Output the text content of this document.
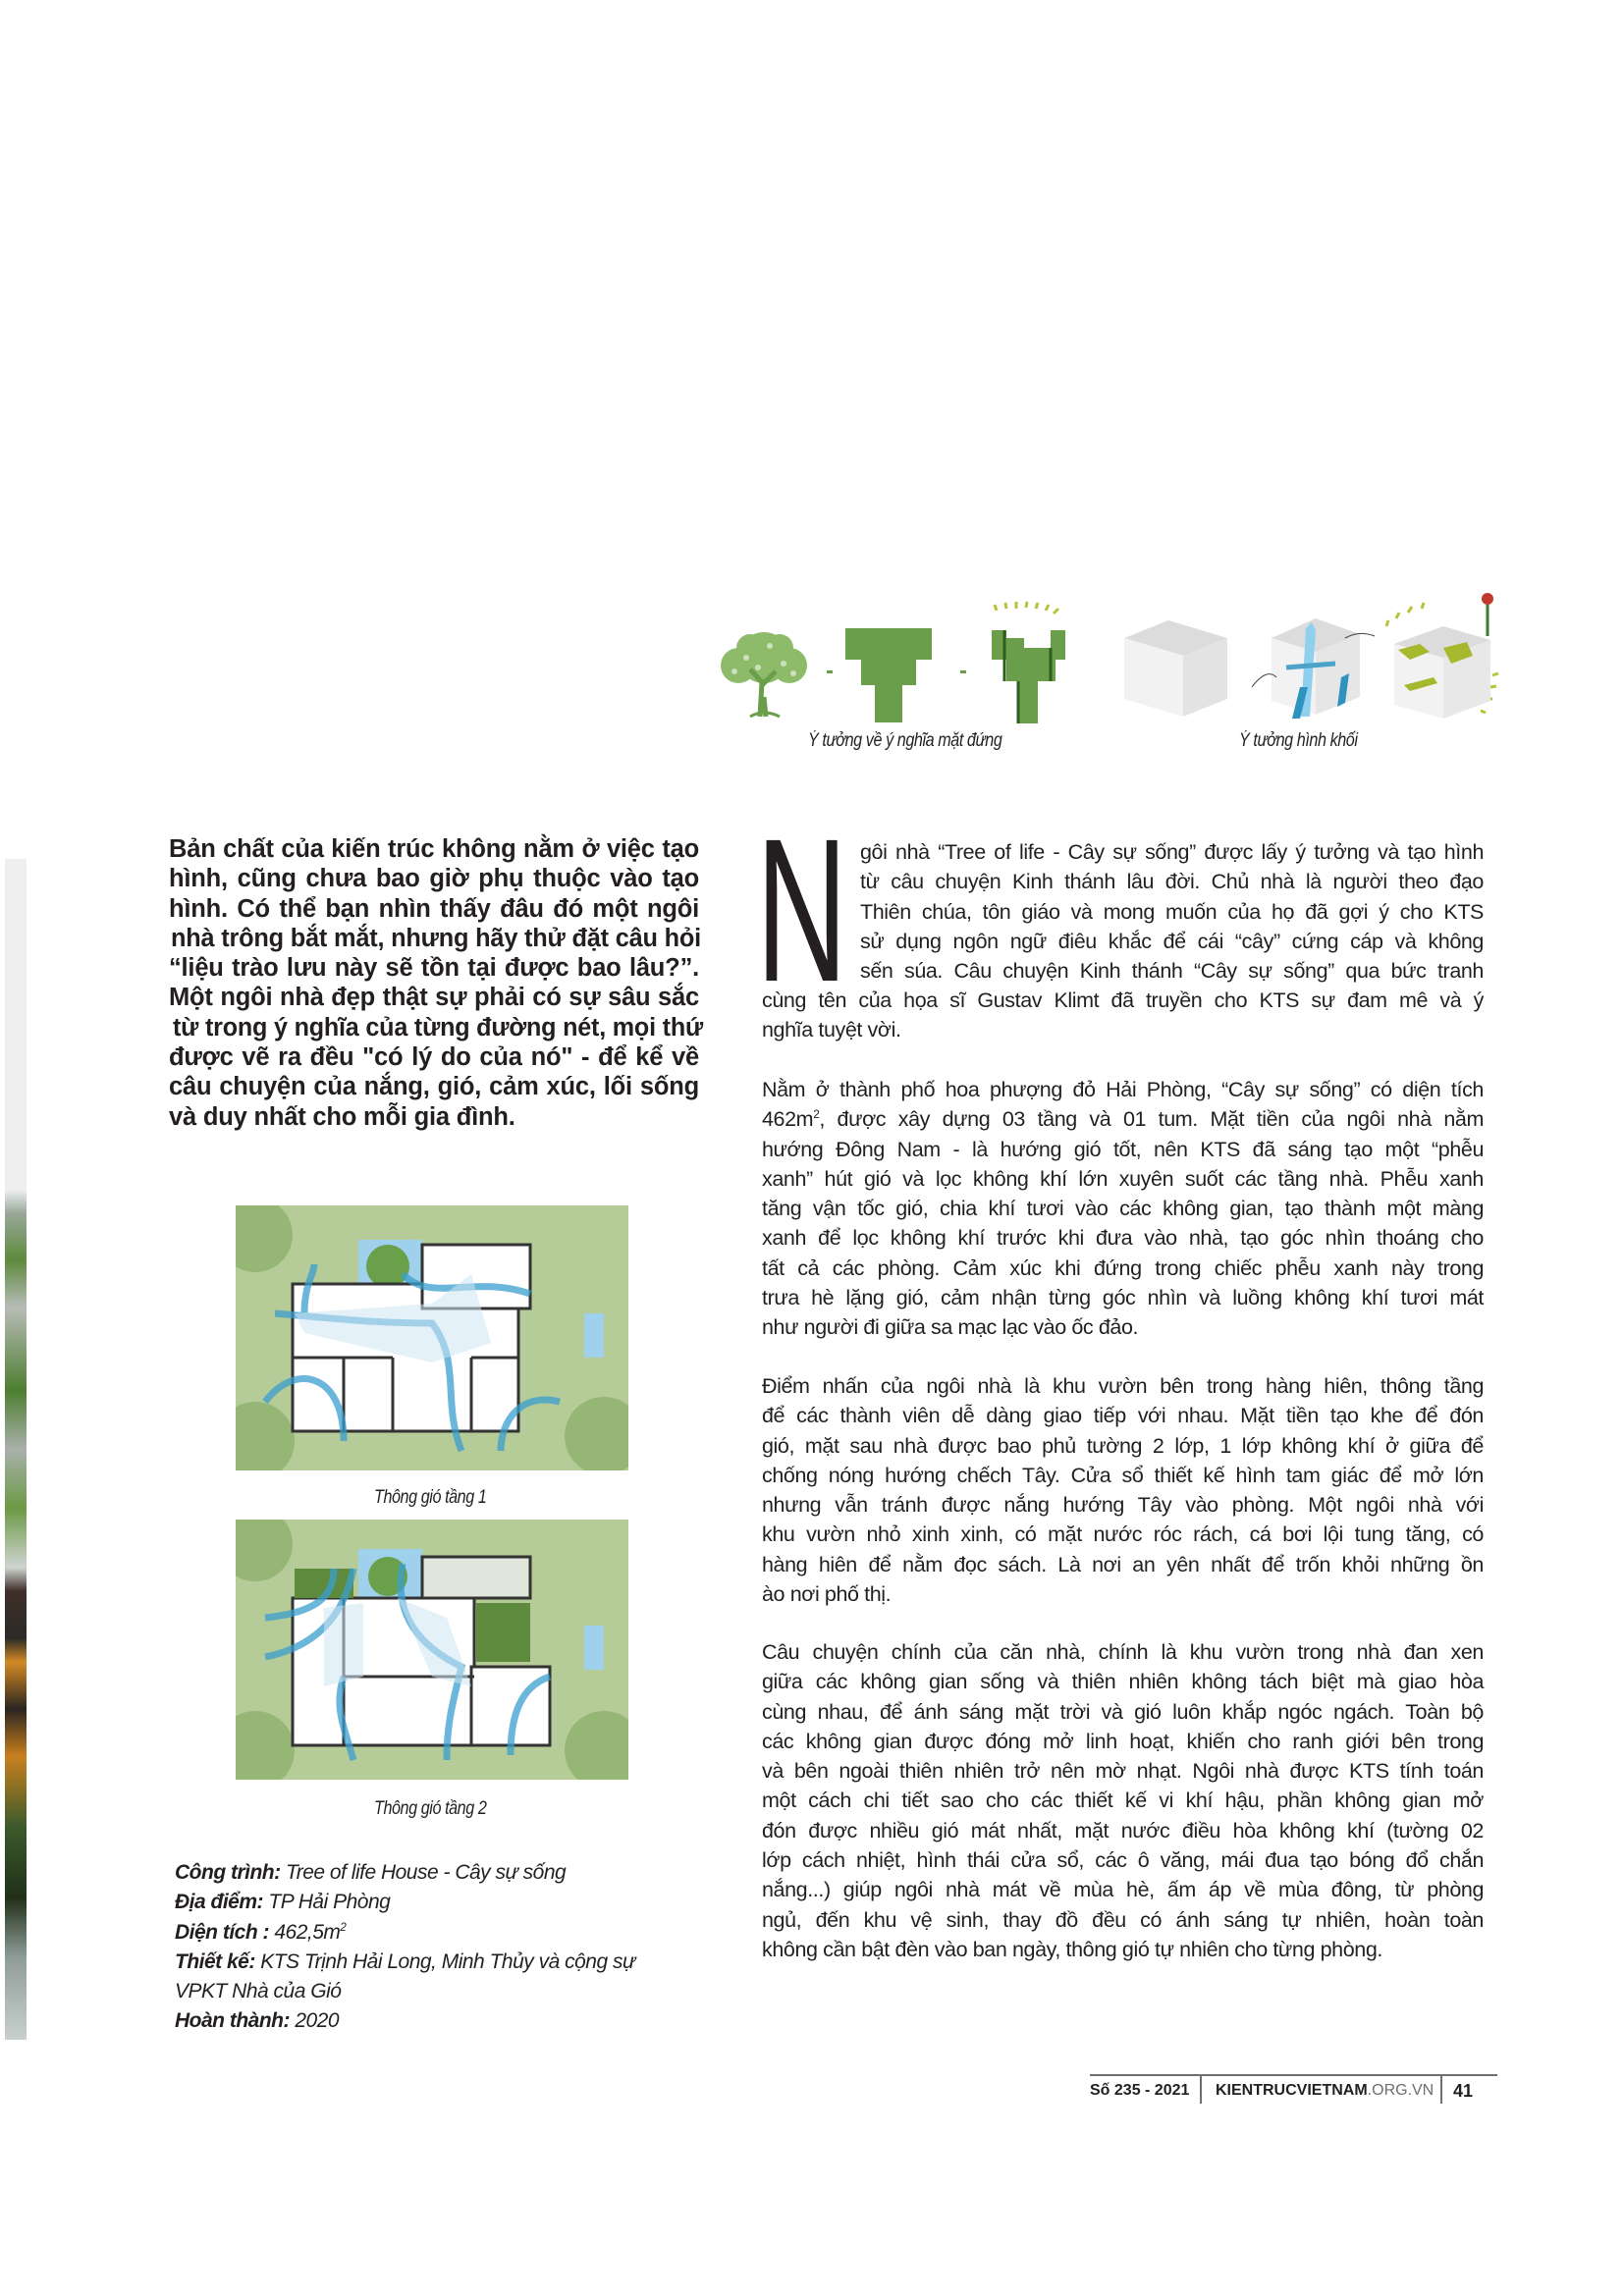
Ý tưởng về ý nghĩa mặt đứng	Ý tưởng hình khối
Bản chất của kiến trúc không nằm ở việc tạo
hình, cũng chưa bao giờ phụ thuộc vào tạo
hình. Có thể bạn nhìn thấy đâu đó một ngôi
nhà trông bắt mắt, nhưng hãy thử đặt câu hỏi
“liệu trào lưu này sẽ tồn tại được bao lâu?”.
Một ngôi nhà đẹp thật sự phải có sự sâu sắc
từ trong ý nghĩa của từng đường nét, mọi thứ
được vẽ ra đều "có lý do của nó" - để kể về
câu chuyện của nắng, gió, cảm xúc, lối sống
và duy nhất cho mỗi gia đình.
Thông gió tầng 1
Thông gió tầng 2
Công trình: Tree of life House - Cây sự sống
Địa điểm: TP Hải Phòng
Diện tích : $462,5m^2$
Thiết kế: KTS Trịnh Hải Long, Minh Thủy và cộng sự
VPKT Nhà của Gió
Hoàn thành: 2020
N gôi nhà “Tree of life - Cây sự sống” được lấy ý tưởng và tạo hình
từ câu chuyện Kinh thánh lâu đời. Chủ nhà là người theo đạo
Thiên chúa, tôn giáo và mong muốn của họ đã gợi ý cho KTS
sử dụng ngôn ngữ điêu khắc để cái “cây” cứng cáp và không
sến súa. Câu chuyện Kinh thánh “Cây sự sống” qua bức tranh
cùng tên của họa sĩ Gustav Klimt đã truyền cho KTS sự đam mê và ý
nghĩa tuyệt vời.
Nằm ở thành phố hoa phượng đỏ Hải Phòng, “Cây sự sống” có diện tích
$462m^2$, được xây dựng 03 tầng và 01 tum. Mặt tiền của ngôi nhà nằm
hướng Đông Nam - là hướng gió tốt, nên KTS đã sáng tạo một “phễu
xanh” hút gió và lọc không khí lớn xuyên suốt các tầng nhà. Phễu xanh
tăng vận tốc gió, chia khí tươi vào các không gian, tạo thành một màng
xanh để lọc không khí trước khi đưa vào nhà, tạo góc nhìn thoáng cho
tất cả các phòng. Cảm xúc khi đứng trong chiếc phễu xanh này trong
trưa hè lặng gió, cảm nhận từng góc nhìn và luồng không khí tươi mát
như người đi giữa sa mạc lạc vào ốc đảo.
Điểm nhấn của ngôi nhà là khu vườn bên trong hàng hiên, thông tầng
để các thành viên dễ dàng giao tiếp với nhau. Mặt tiền tạo khe để đón
gió, mặt sau nhà được bao phủ tường 2 lớp, 1 lớp không khí ở giữa để
chống nóng hướng chếch Tây. Cửa sổ thiết kế hình tam giác để mở lớn
nhưng vẫn tránh được nắng hướng Tây vào phòng. Một ngôi nhà với
khu vườn nhỏ xinh xinh, có mặt nước róc rách, cá bơi lội tung tăng, có
hàng hiên để nằm đọc sách. Là nơi an yên nhất để trốn khỏi những ồn
ào nơi phố thị.
Câu chuyện chính của căn nhà, chính là khu vườn trong nhà đan xen
giữa các không gian sống và thiên nhiên không tách biệt mà giao hòa
cùng nhau, để ánh sáng mặt trời và gió luôn khắp ngóc ngách. Toàn bộ
các không gian được đóng mở linh hoạt, khiến cho ranh giới bên trong
và bên ngoài thiên nhiên trở nên mờ nhạt. Ngôi nhà được KTS tính toán
một cách chi tiết sao cho các thiết kế vi khí hậu, phần không gian mở
đón được nhiều gió mát nhất, mặt nước điều hòa không khí (tường 02
lớp cách nhiệt, hình thái cửa sổ, các ô văng, mái đua tạo bóng đổ chắn
nắng...) giúp ngôi nhà mát về mùa hè, ấm áp về mùa đông, từ phòng
ngủ, đến khu vệ sinh, thay đồ đều có ánh sáng tự nhiên, hoàn toàn
không cần bật đèn vào ban ngày, thông gió tự nhiên cho từng phòng.
Số 235 - 2021 KIENTRUCVIETNAM.ORG.VN 41
